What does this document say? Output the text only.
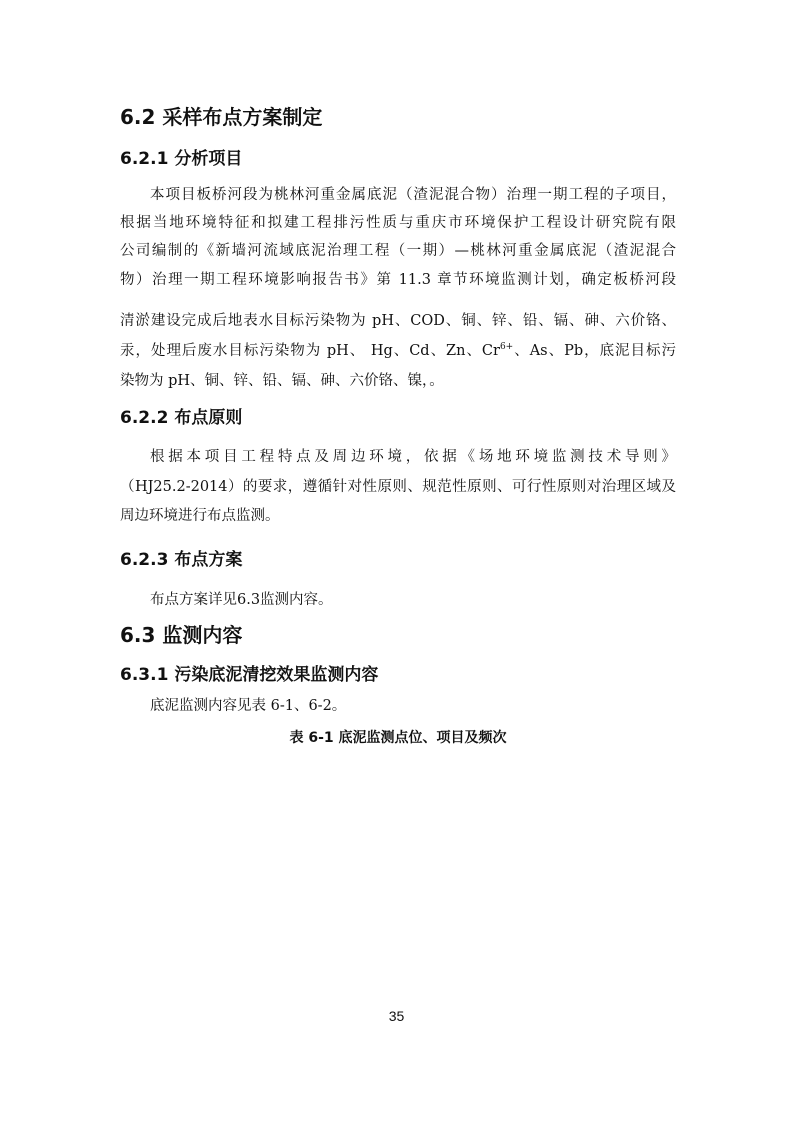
6.2 采样布点方案制定
6.2.1 分析项目
本项目板桥河段为桃林河重金属底泥（渣泥混合物）治理一期工程的子项目，
根据当地环境特征和拟建工程排污性质与重庆市环境保护工程设计研究院有限
公司编制的《新墙河流域底泥治理工程（一期）—桃林河重金属底泥（渣泥混合
物）治理一期工程环境影响报告书》第 11.3 章节环境监测计划，确定板桥河段
清淤建设完成后地表水目标污染物为 pH、COD、铜、锌、铅、镉、砷、六价铬、
汞，处理后废水目标污染物为 pH、 Hg、Cd、Zn、$Cr^{6+}$、As、Pb，底泥目标污
染物为 pH、铜、锌、铅、镉、砷、六价铬、镍，。
6.2.2 布点原则
根据本项目工程特点及周边环境，依据《场地环境监测技术导则》
（HJ25.2-2014）的要求，遵循针对性原则、规范性原则、可行性原则对治理区域及
周边环境进行布点监测。
6.2.3 布点方案
布点方案详见6.3监测内容。
6.3 监测内容
6.3.1 污染底泥清挖效果监测内容
底泥监测内容见表 6-1、6-2。
表 6-1 底泥监测点位、项目及频次
35
